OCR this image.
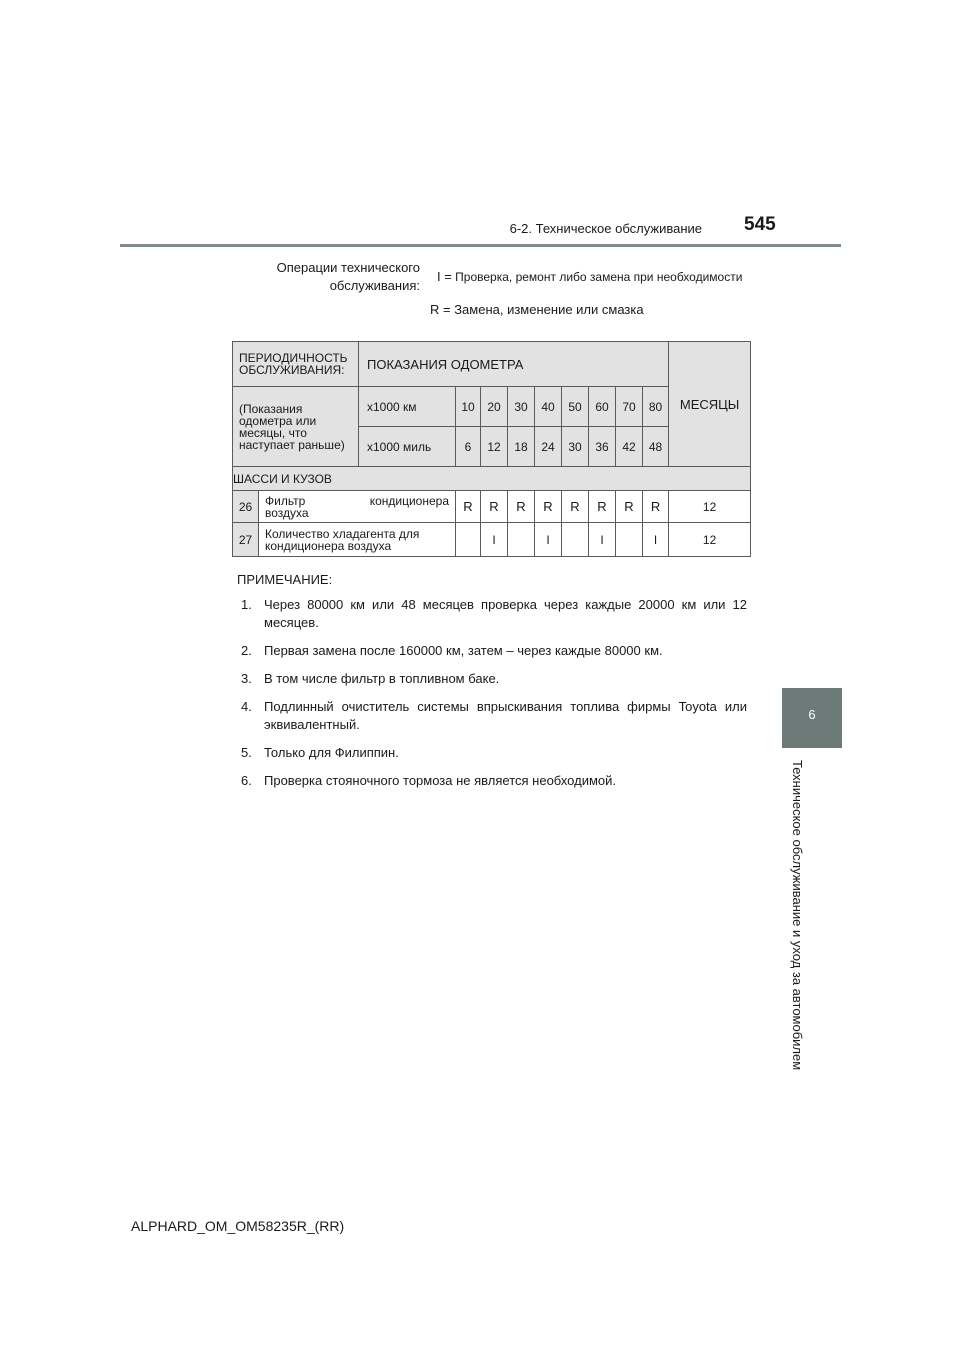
6-2. Техническое обслуживание 545
6
Техническое обслуживание и уход за автомобилем
Операции технического
обслуживания:
I = Проверка, ремонт либо замена при необходимости
R = Замена, изменение или смазка
ПЕРИОДИЧНОСТЬ
ОБСЛУЖИВАНИЯ:		ПОКАЗАНИЯ ОДОМЕТРА									МЕСЯЦЫ

(Показания
одометра или
месяцы, что
наступает раньше)		x1000 км	10	20	30	40	50	60	70	80	
		x1000 миль	6	12	18	24	30	36	42	48	
ШАССИ И КУЗОВ											
26	Фильтр кондиционера
воздуха		R	R	R	R	R	R	R	R	12
27	Количество хладагента для
кондиционера воздуха			I		I		I		I	12
ПРИМЕЧАНИЕ:
1. Через 80000 км или 48 месяцев проверка через каждые 20000 км или 12 месяцев.
2. Первая замена после 160000 км, затем – через каждые 80000 км.
3. В том числе фильтр в топливном баке.
4. Подлинный очиститель системы впрыскивания топлива фирмы Toyota или эквивалентный.
5. Только для Филиппин.
6. Проверка стояночного тормоза не является необходимой.
ALPHARD_OM_OM58235R_(RR)
